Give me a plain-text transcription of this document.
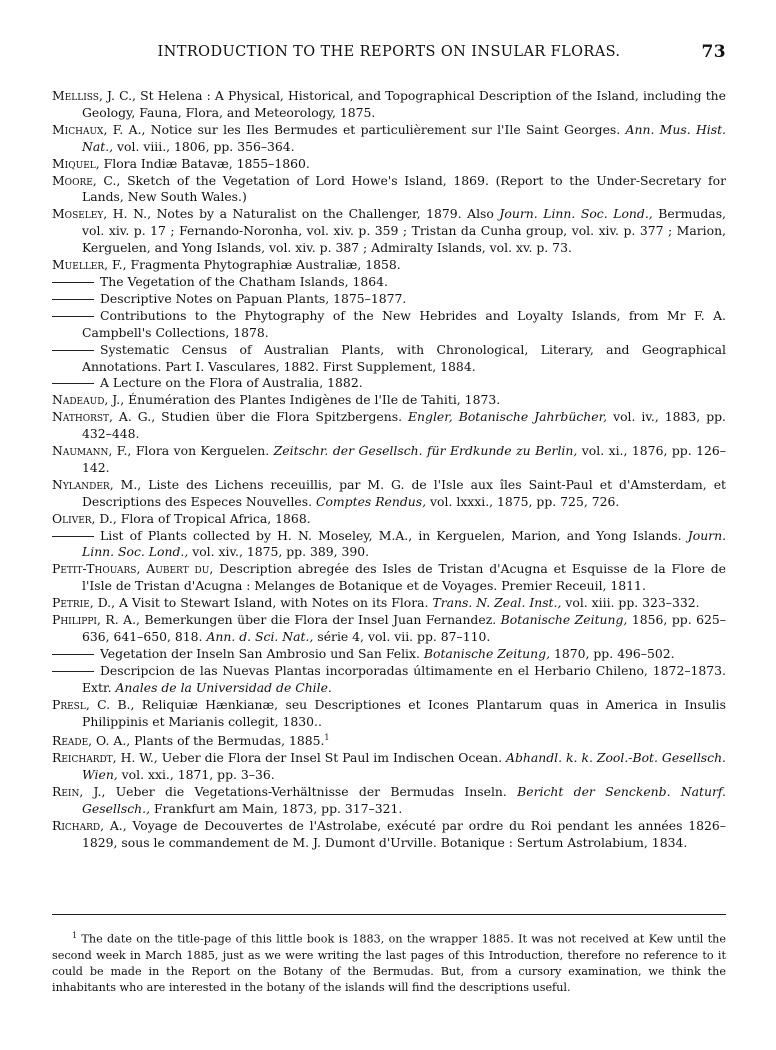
INTRODUCTION TO THE REPORTS ON INSULAR FLORAS.	73
Melliss, J. C., St Helena : A Physical, Historical, and Topographical Description of the Island, including the Geology, Fauna, Flora, and Meteorology, 1875.
Michaux, F. A., Notice sur les Iles Bermudes et particulièrement sur l'Ile Saint Georges. Ann. Mus. Hist. Nat., vol. viii., 1806, pp. 356–364.
Miquel, Flora Indiæ Batavæ, 1855–1860.
Moore, C., Sketch of the Vegetation of Lord Howe's Island, 1869. (Report to the Under-Secretary for Lands, New South Wales.)
Moseley, H. N., Notes by a Naturalist on the Challenger, 1879. Also Journ. Linn. Soc. Lond., Bermudas, vol. xiv. p. 17 ; Fernando-Noronha, vol. xiv. p. 359 ; Tristan da Cunha group, vol. xiv. p. 377 ; Marion, Kerguelen, and Yong Islands, vol. xiv. p. 387 ; Admiralty Islands, vol. xv. p. 73.
Mueller, F., Fragmenta Phytographiæ Australiæ, 1858.
The Vegetation of the Chatham Islands, 1864.
Descriptive Notes on Papuan Plants, 1875–1877.
Contributions to the Phytography of the New Hebrides and Loyalty Islands, from Mr F. A. Campbell's Collections, 1878.
Systematic Census of Australian Plants, with Chronological, Literary, and Geographical Annotations. Part I. Vasculares, 1882. First Supplement, 1884.
A Lecture on the Flora of Australia, 1882.
Nadeaud, J., Énumération des Plantes Indigènes de l'Ile de Tahiti, 1873.
Nathorst, A. G., Studien über die Flora Spitzbergens. Engler, Botanische Jahrbücher, vol. iv., 1883, pp. 432–448.
Naumann, F., Flora von Kerguelen. Zeitschr. der Gesellsch. für Erdkunde zu Berlin, vol. xi., 1876, pp. 126–142.
Nylander, M., Liste des Lichens receuillis, par M. G. de l'Isle aux îles Saint-Paul et d'Amsterdam, et Descriptions des Especes Nouvelles. Comptes Rendus, vol. lxxxi., 1875, pp. 725, 726.
Oliver, D., Flora of Tropical Africa, 1868.
List of Plants collected by H. N. Moseley, M.A., in Kerguelen, Marion, and Yong Islands. Journ. Linn. Soc. Lond., vol. xiv., 1875, pp. 389, 390.
Petit-Thouars, Aubert du, Description abregée des Isles de Tristan d'Acugna et Esquisse de la Flore de l'Isle de Tristan d'Acugna : Melanges de Botanique et de Voyages. Premier Receuil, 1811.
Petrie, D., A Visit to Stewart Island, with Notes on its Flora. Trans. N. Zeal. Inst., vol. xiii. pp. 323–332.
Philippi, R. A., Bemerkungen über die Flora der Insel Juan Fernandez. Botanische Zeitung, 1856, pp. 625–636, 641–650, 818. Ann. d. Sci. Nat., série 4, vol. vii. pp. 87–110.
Vegetation der Inseln San Ambrosio und San Felix. Botanische Zeitung, 1870, pp. 496–502.
Descripcion de las Nuevas Plantas incorporadas últimamente en el Herbario Chileno, 1872–1873. Extr. Anales de la Universidad de Chile.
Presl, C. B., Reliquiæ Hænkianæ, seu Descriptiones et Icones Plantarum quas in America in Insulis Philippinis et Marianis collegit, 1830..
Reade, O. A., Plants of the Bermudas, 1885.$^1$
Reichardt, H. W., Ueber die Flora der Insel St Paul im Indischen Ocean. Abhandl. k. k. Zool.-Bot. Gesellsch. Wien, vol. xxi., 1871, pp. 3–36.
Rein, J., Ueber die Vegetations-Verhältnisse der Bermudas Inseln. Bericht der Senckenb. Naturf. Gesellsch., Frankfurt am Main, 1873, pp. 317–321.
Richard, A., Voyage de Decouvertes de l'Astrolabe, exécuté par ordre du Roi pendant les années 1826–1829, sous le commandement de M. J. Dumont d'Urville. Botanique : Sertum Astrolabium, 1834.
$^1$ The date on the title-page of this little book is 1883, on the wrapper 1885. It was not received at Kew until the second week in March 1885, just as we were writing the last pages of this Introduction, therefore no reference to it could be made in the Report on the Botany of the Bermudas. But, from a cursory examination, we think the inhabitants who are interested in the botany of the islands will find the descriptions useful.
